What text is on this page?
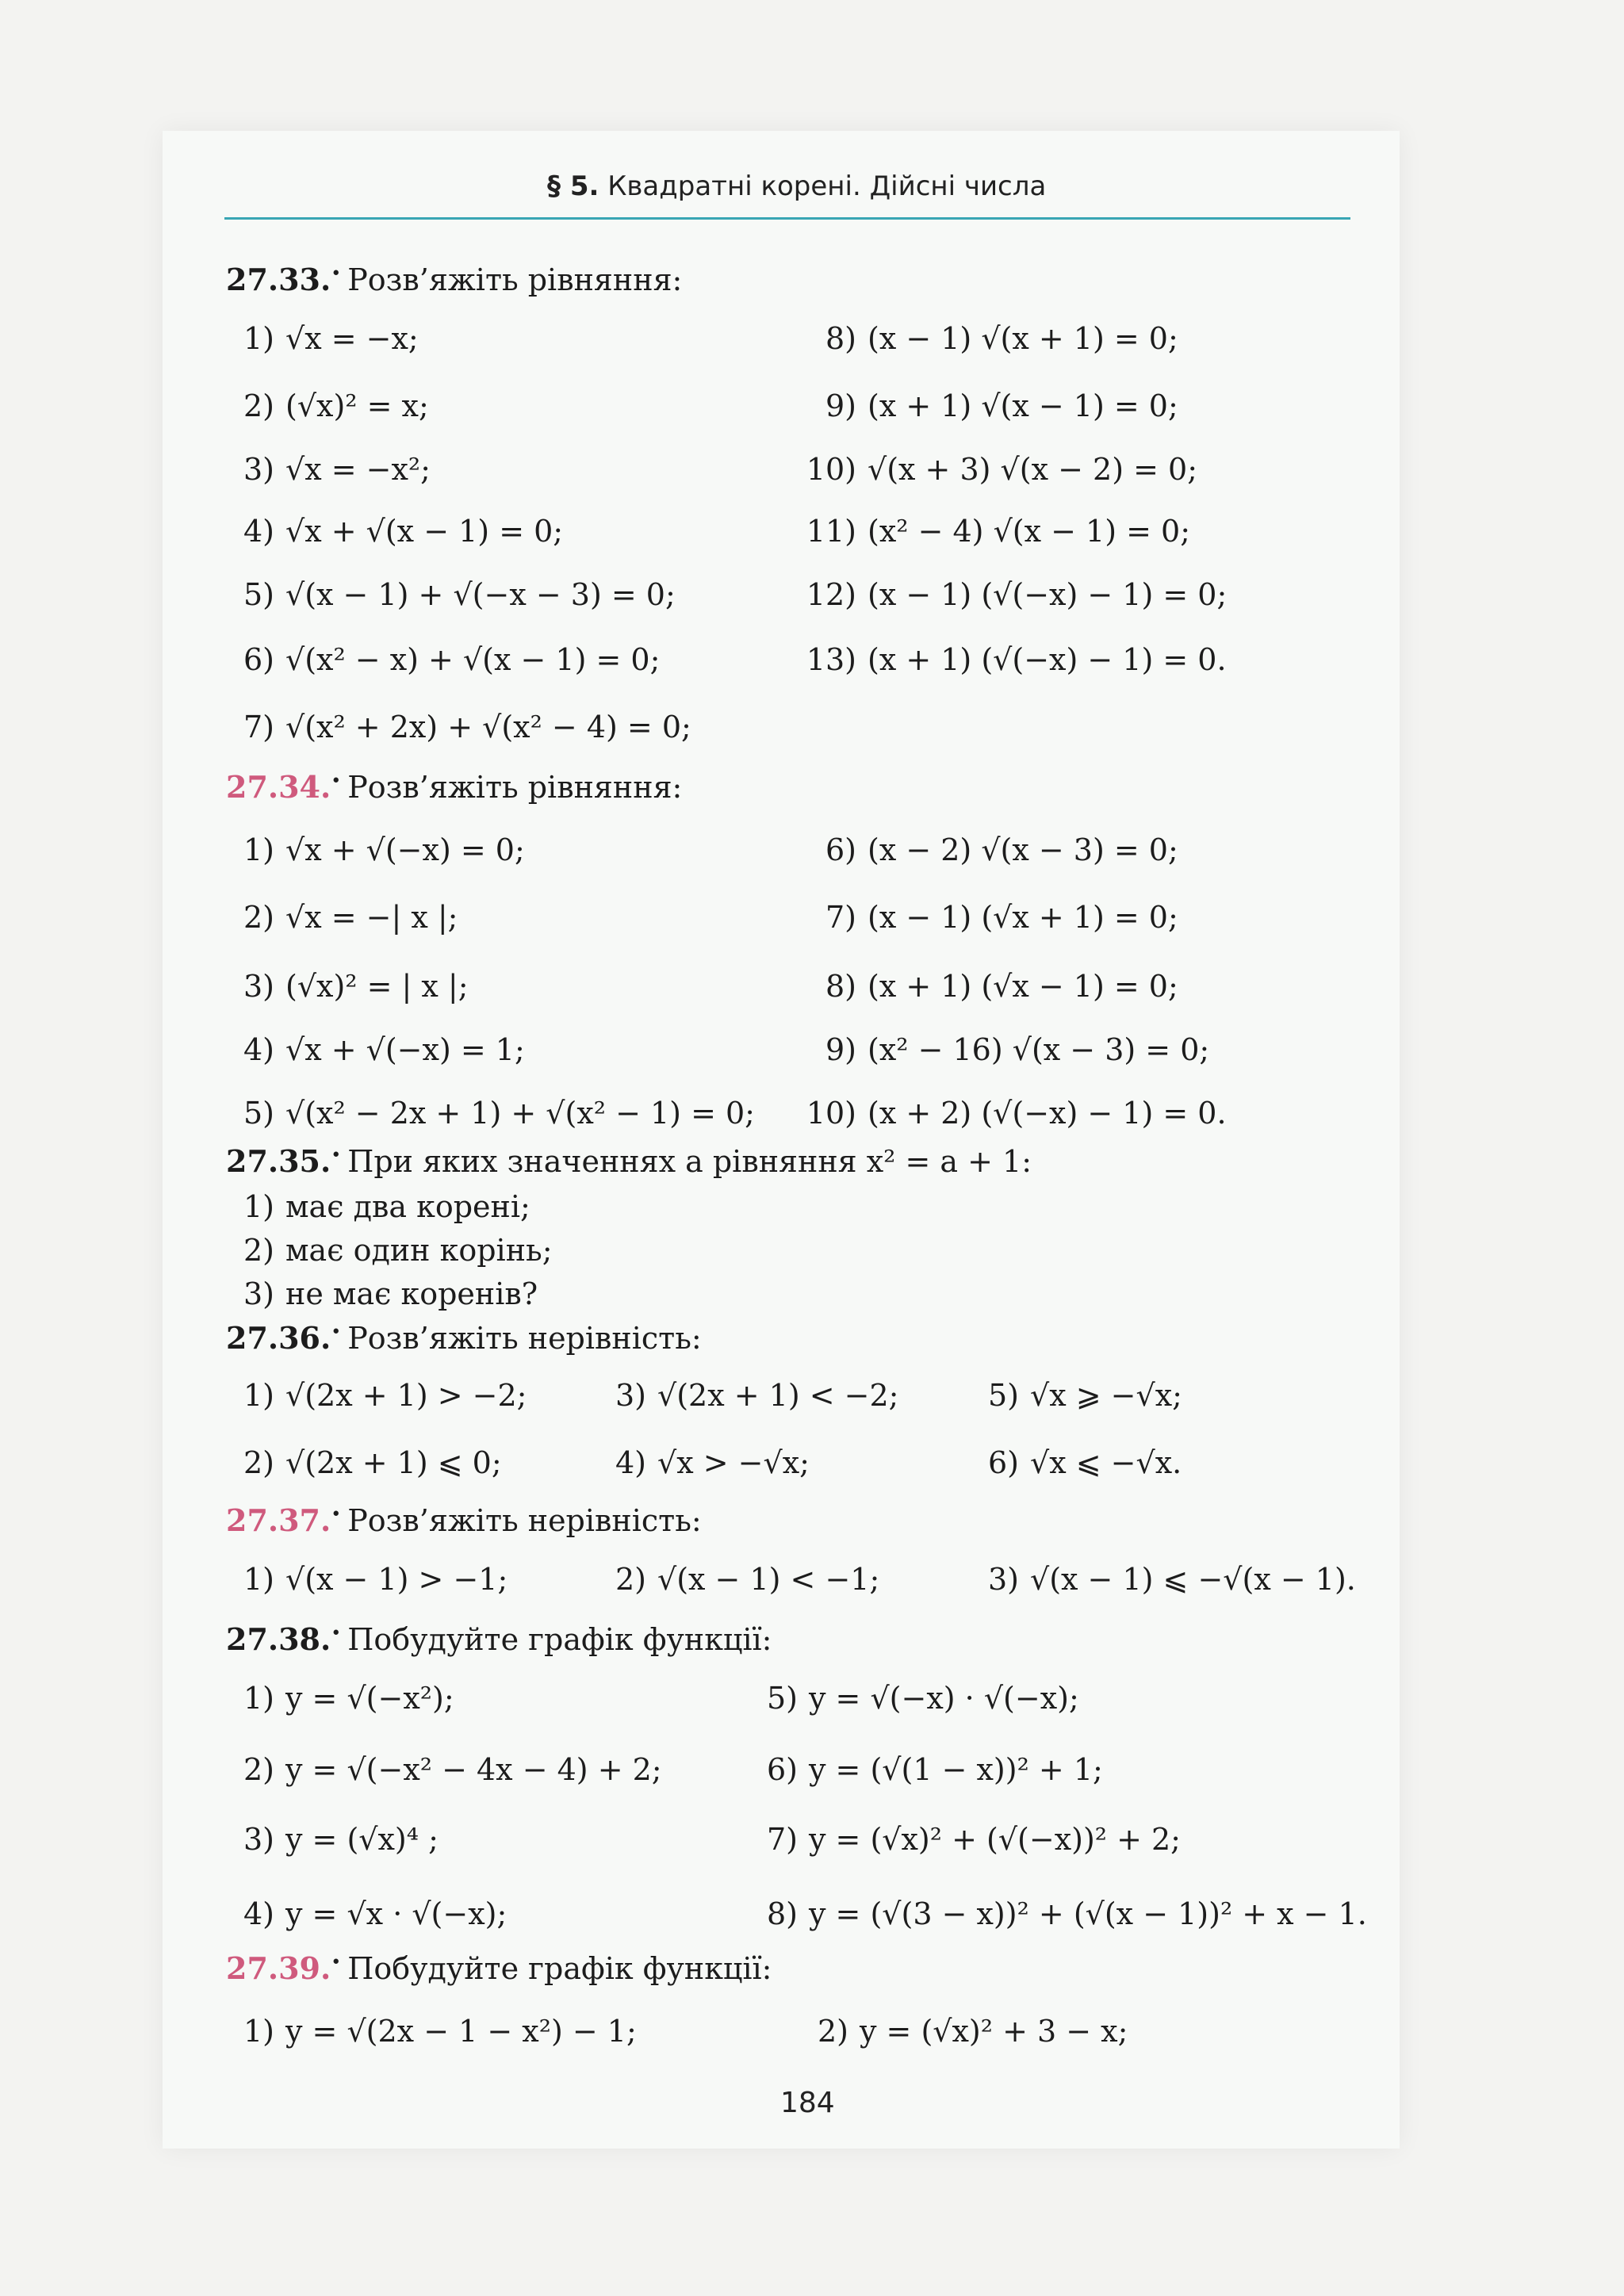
§ 5. Квадратні корені. Дійсні числа
27.33.• Розв’яжіть рівняння:
1) √x = −x;
2) (√x)² = x;
3) √x = −x²;
4) √x + √(x − 1) = 0;
5) √(x − 1) + √(−x − 3) = 0;
6) √(x² − x) + √(x − 1) = 0;
7) √(x² + 2x) + √(x² − 4) = 0;
8) (x − 1) √(x + 1) = 0;
9) (x + 1) √(x − 1) = 0;
10) √(x + 3) √(x − 2) = 0;
11) (x² − 4) √(x − 1) = 0;
12) (x − 1) (√(−x) − 1) = 0;
13) (x + 1) (√(−x) − 1) = 0.
27.34.• Розв’яжіть рівняння:
1) √x + √(−x) = 0;
2) √x = −| x |;
3) (√x)² = | x |;
4) √x + √(−x) = 1;
5) √(x² − 2x + 1) + √(x² − 1) = 0;
6) (x − 2) √(x − 3) = 0;
7) (x − 1) (√x + 1) = 0;
8) (x + 1) (√x − 1) = 0;
9) (x² − 16) √(x − 3) = 0;
10) (x + 2) (√(−x) − 1) = 0.
27.35.• При яких значеннях a рівняння x² = a + 1:
1) має два корені;
2) має один корінь;
3) не має коренів?
27.36.• Розв’яжіть нерівність:
1) √(2x + 1) > −2;
2) √(2x + 1) ⩽ 0;
3) √(2x + 1) < −2;
4) √x > −√x;
5) √x ⩾ −√x;
6) √x ⩽ −√x.
27.37.• Розв’яжіть нерівність:
1) √(x − 1) > −1;	2) √(x − 1) < −1;	3) √(x − 1) ⩽ −√(x − 1).
27.38.• Побудуйте графік функції:
1) y = √(−x²);
2) y = √(−x² − 4x − 4) + 2;
3) y = (√x)⁴ ;
4) y = √x · √(−x);
5) y = √(−x) · √(−x);
6) y = (√(1 − x))² + 1;
7) y = (√x)² + (√(−x))² + 2;
8) y = (√(3 − x))² + (√(x − 1))² + x − 1.
27.39.• Побудуйте графік функції:
1) y = √(2x − 1 − x²) − 1;	2) y = (√x)² + 3 − x;
184
